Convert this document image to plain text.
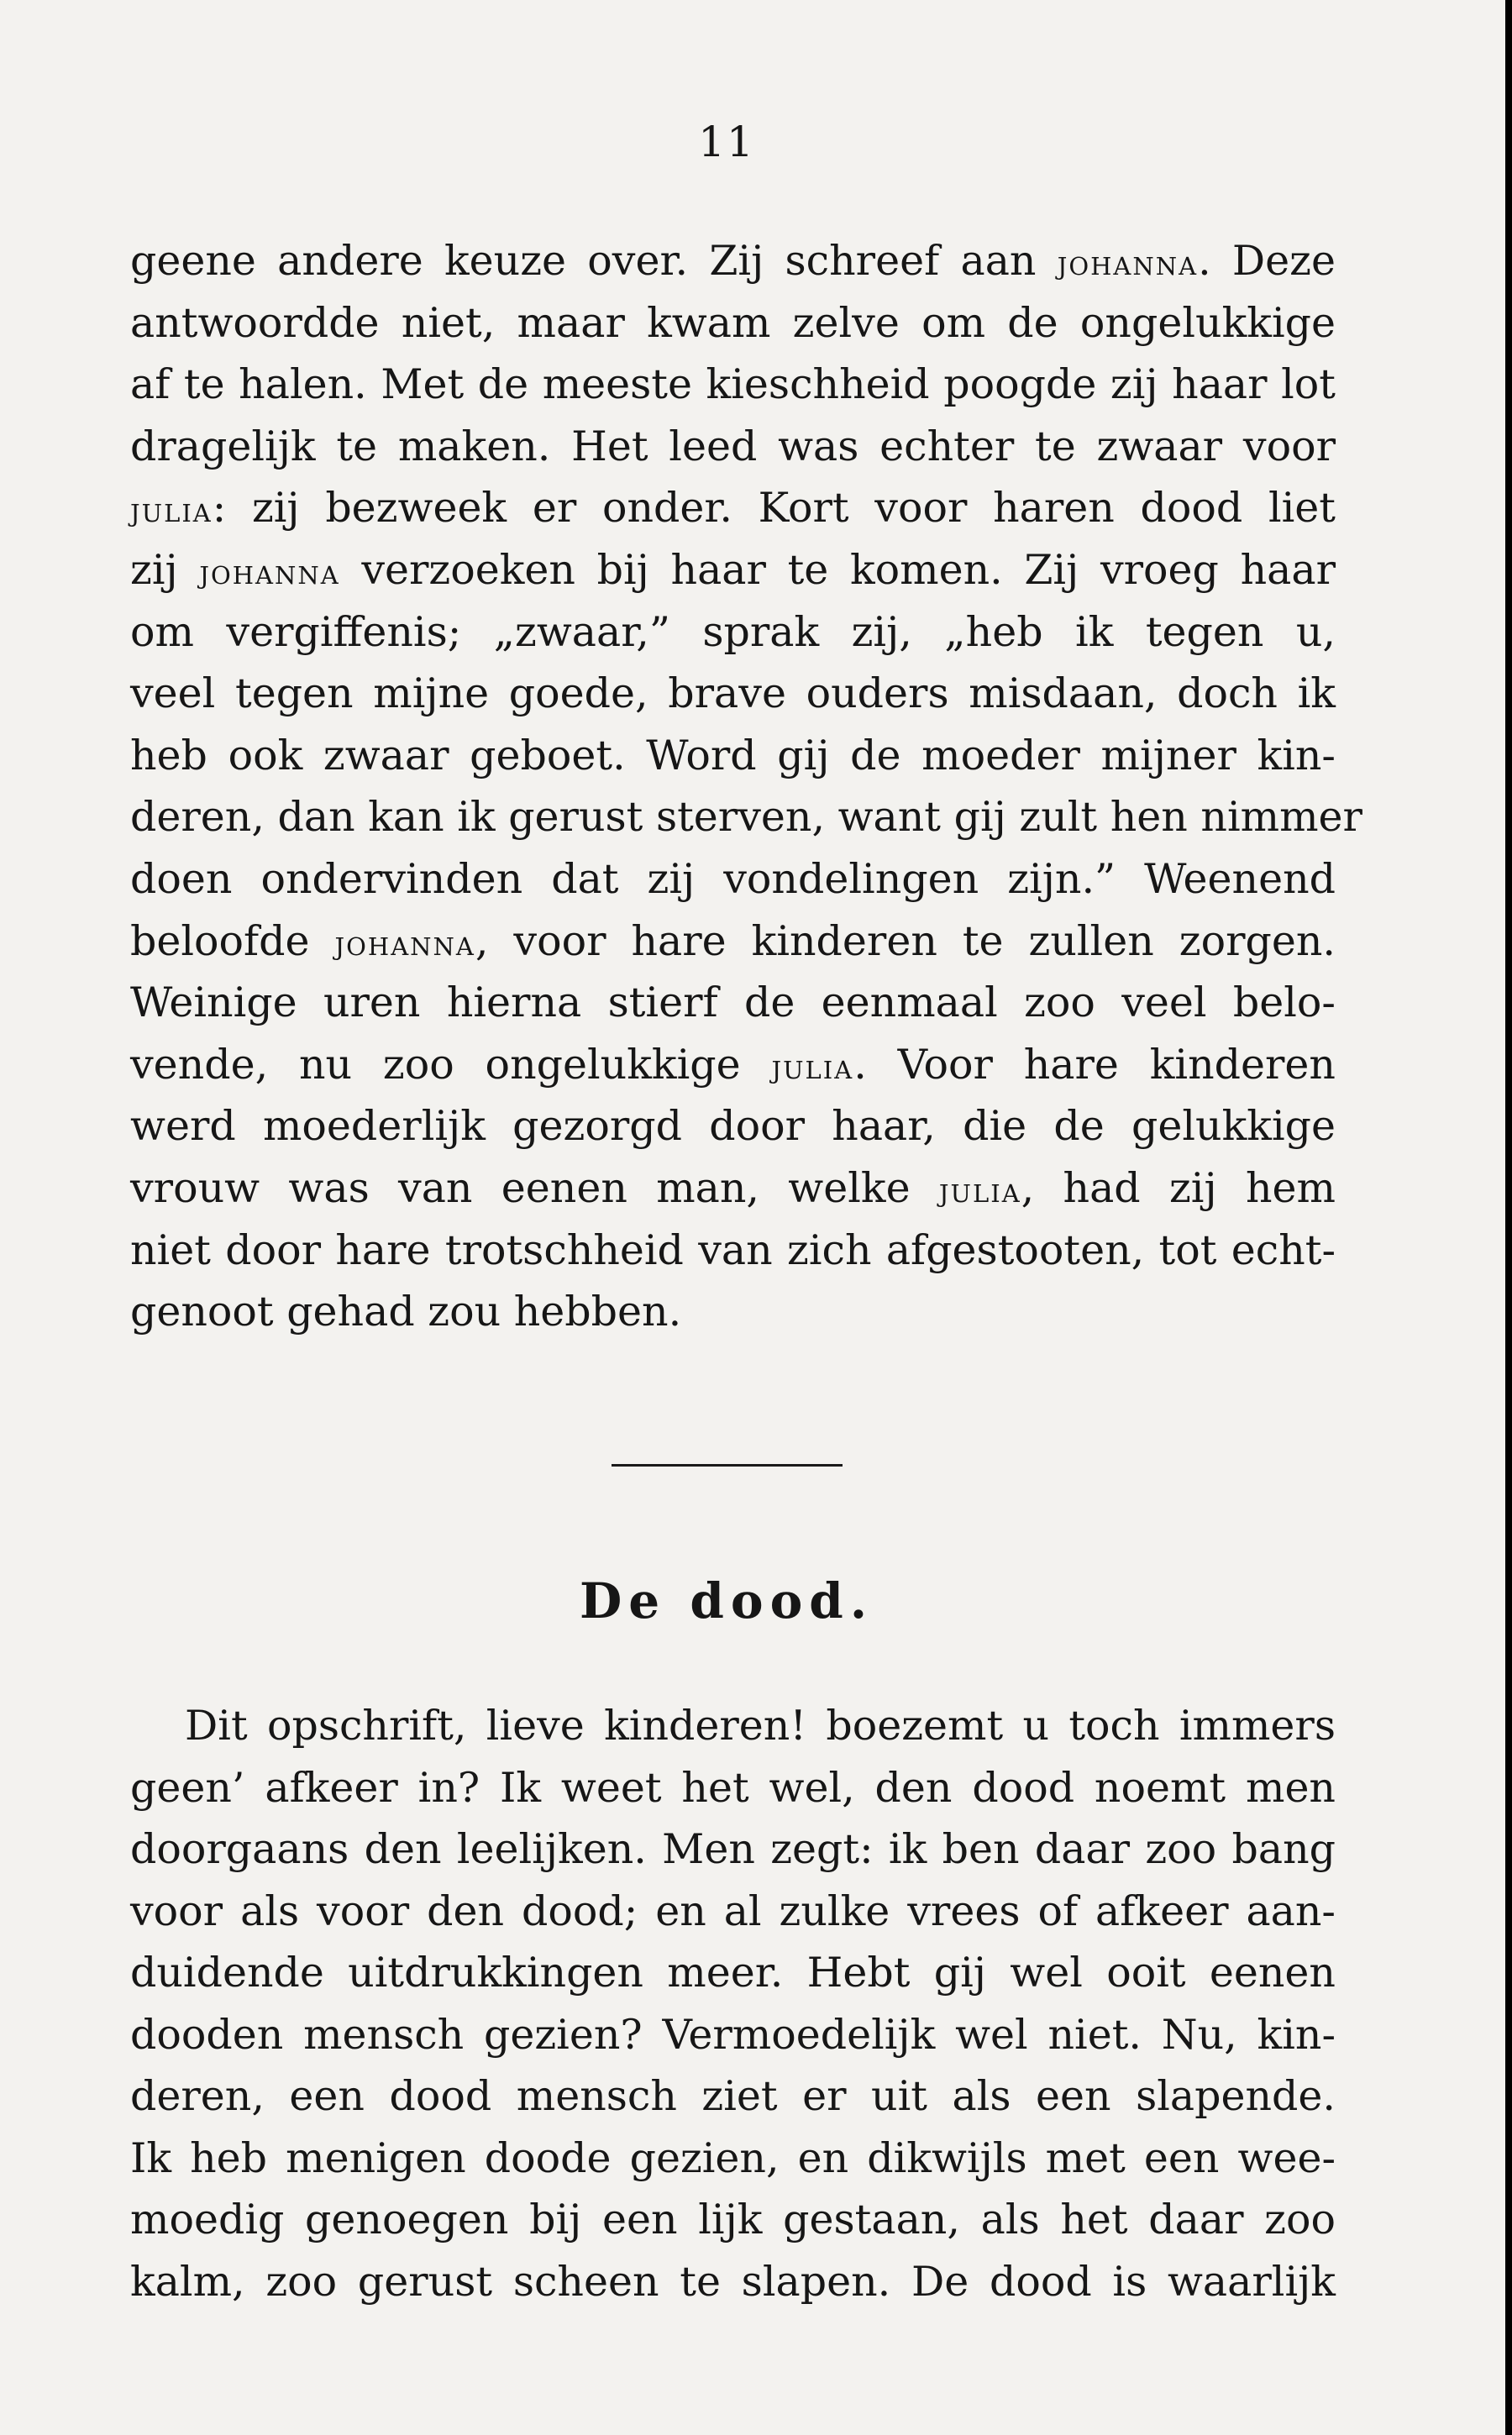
11
geene andere keuze over. Zij schreef aan johanna. Deze
antwoordde niet, maar kwam zelve om de ongelukkige
af te halen. Met de meeste kieschheid poogde zij haar lot
dragelijk te maken. Het leed was echter te zwaar voor
julia: zij bezweek er onder. Kort voor haren dood liet
zij johanna verzoeken bij haar te komen. Zij vroeg haar
om vergiffenis; „zwaar,” sprak zij, „heb ik tegen u,
veel tegen mijne goede, brave ouders misdaan, doch ik
heb ook zwaar geboet. Word gij de moeder mijner kin-
deren, dan kan ik gerust sterven, want gij zult hen nimmer
doen ondervinden dat zij vondelingen zijn.” Weenend
beloofde johanna, voor hare kinderen te zullen zorgen.
Weinige uren hierna stierf de eenmaal zoo veel belo-
vende, nu zoo ongelukkige julia. Voor hare kinderen
werd moederlijk gezorgd door haar, die de gelukkige
vrouw was van eenen man, welke julia, had zij hem
niet door hare trotschheid van zich afgestooten, tot echt-
genoot gehad zou hebben.
De dood.
Dit opschrift, lieve kinderen! boezemt u toch immers
geen’ afkeer in? Ik weet het wel, den dood noemt men
doorgaans den leelijken. Men zegt: ik ben daar zoo bang
voor als voor den dood; en al zulke vrees of afkeer aan-
duidende uitdrukkingen meer. Hebt gij wel ooit eenen
dooden mensch gezien? Vermoedelijk wel niet. Nu, kin-
deren, een dood mensch ziet er uit als een slapende.
Ik heb menigen doode gezien, en dikwijls met een wee-
moedig genoegen bij een lijk gestaan, als het daar zoo
kalm, zoo gerust scheen te slapen. De dood is waarlijk
